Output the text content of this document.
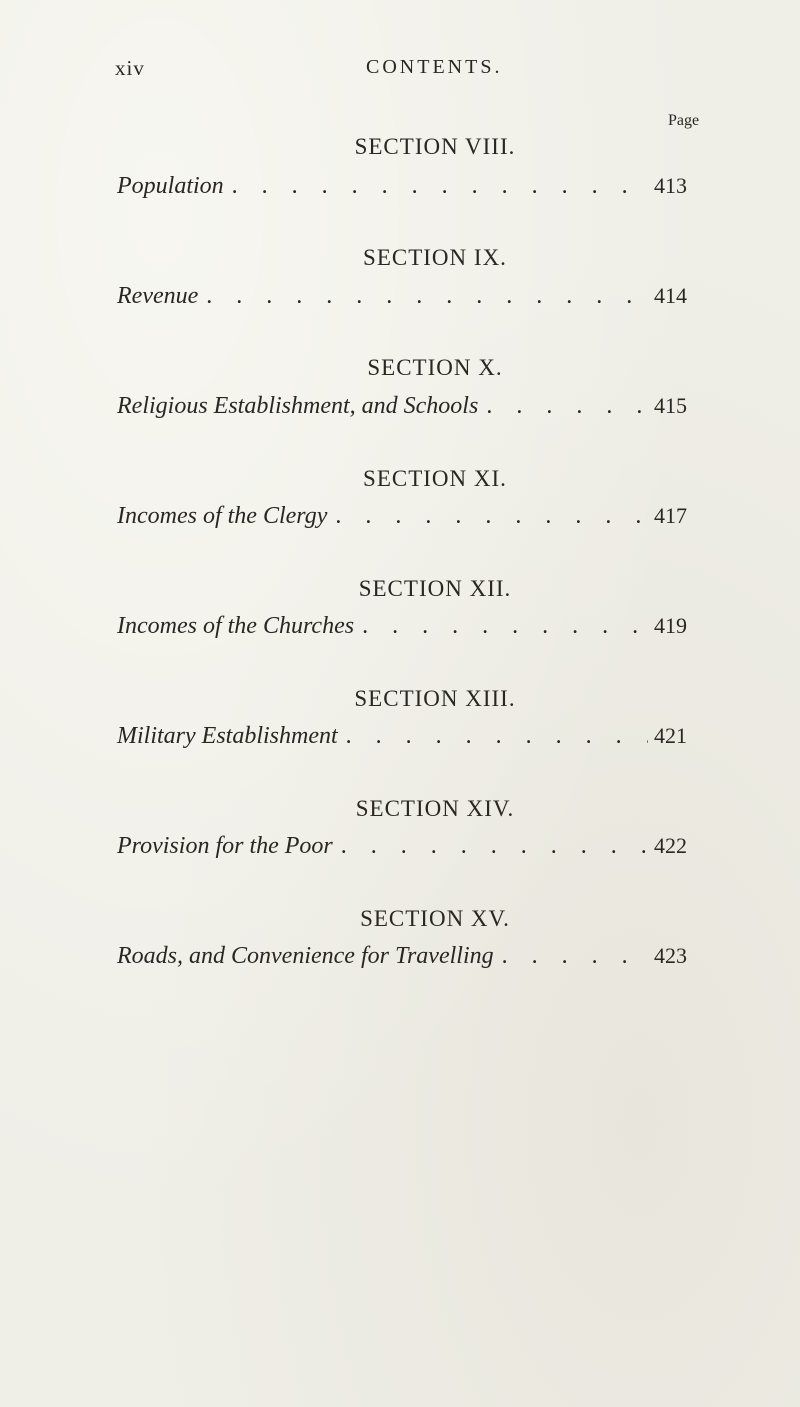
xiv	CONTENTS.
Page
SECTION VIII.
Population . . .	413
SECTION IX.
Revenue . . .	414
SECTION X.
Religious Establishment, and Schools . . .	415
SECTION XI.
Incomes of the Clergy . . .	417
SECTION XII.
Incomes of the Churches . . .	419
SECTION XIII.
Military Establishment . . .	421
SECTION XIV.
Provision for the Poor . . .	422
SECTION XV.
Roads, and Convenience for Travelling . . .	423
